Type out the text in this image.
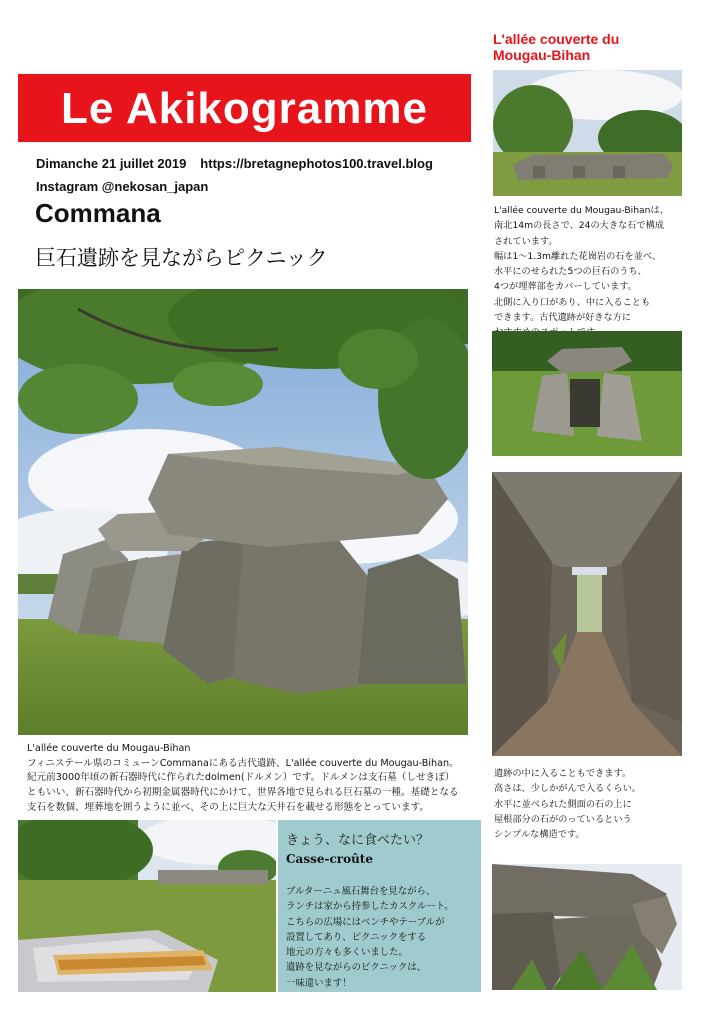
Le Akikogramme
Dimanche 21 juillet 2019 https://bretagnephotos100.travel.blog
Instagram @nekosan_japan
Commana
巨石遺跡を見ながらピクニック
L'allée couverte du Mougau-Bihan
フィニステール県のコミューンCommanaにある古代遺跡、L'allée couverte du Mougau-Bihan。
紀元前3000年頃の新石器時代に作られたdolmen(ドルメン）です。ドルメンは支石墓（しせきぼ）
ともいい、新石器時代から初期金属器時代にかけて、世界各地で見られる巨石墓の一種。基礎となる
支石を数個、埋葬地を囲うように並べ、その上に巨大な天井石を載せる形態をとっています。
きょう、なに食べたい？
Casse-croûte
ブルターニュ風石舞台を見ながら、
ランチは家から持参したカスクルート。
こちらの広場にはベンチやテーブルが
設置してあり、ピクニックをする
地元の方々も多くいました。
遺跡を見ながらのピクニックは、
一味違います！
L'allée couverte du
Mougau-Bihan
L'allée couverte du Mougau-Bihanは、
南北14mの長さで、24の大きな石で構成
されています。
幅は1～1.3m離れた花崗岩の石を並べ、
水平にのせられた5つの巨石のうち、
4つが埋葬部をカバーしています。
北側に入り口があり、中に入ることも
できます。古代遺跡が好きな方に
遺跡の中に入ることもできます。
高さは、少しかがんで入るくらい。
水平に並べられた側面の石の上に
屋根部分の石がのっているという
シンプルな構造です。
